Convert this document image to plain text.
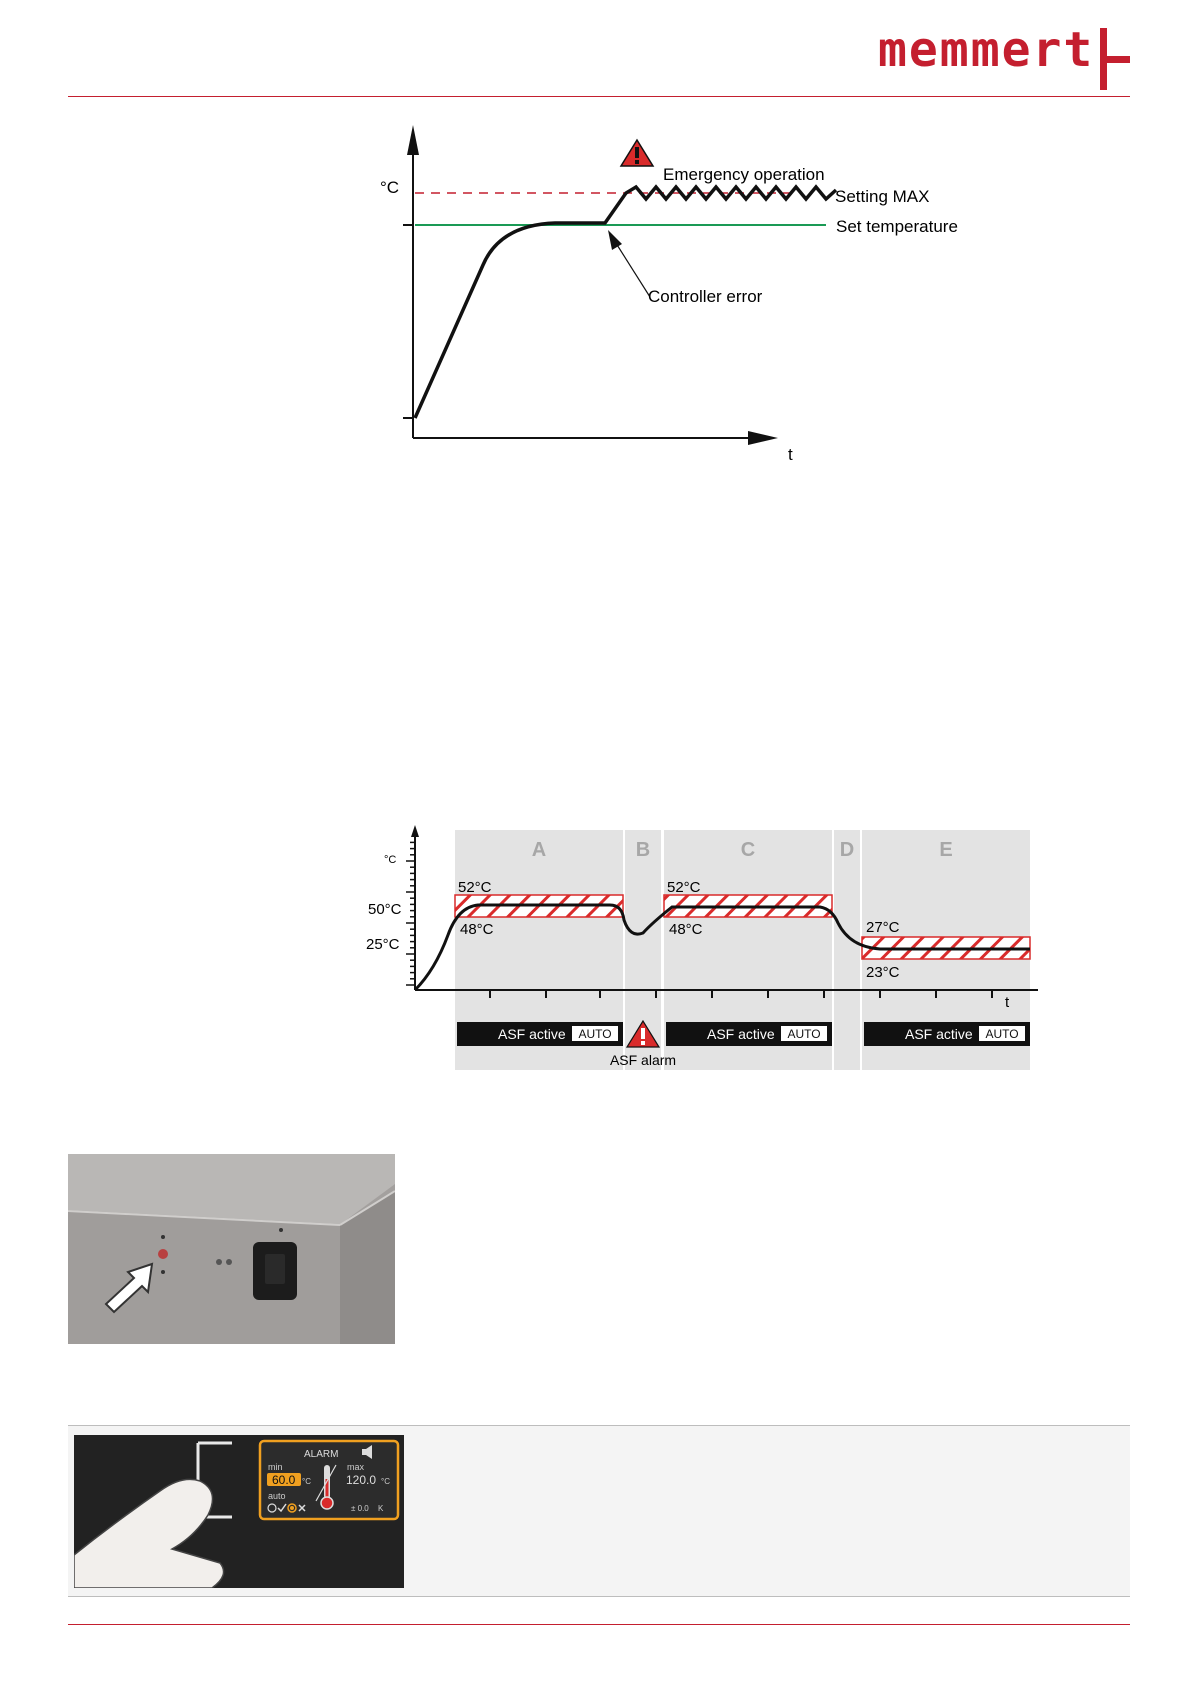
memmert
°C
t
Emergency operation
Setting MAX
Set temperature
Controller error
A	B	C	D	E
°C
50°C
25°C
t
52°C
48°C
52°C
48°C	27°C
23°C
ASF active AUTO	ASF active AUTO	ASF active AUTO
ASF alarm
ALARM
min
60.0 °C
max
120.0 °C
auto
± 0.0 K
